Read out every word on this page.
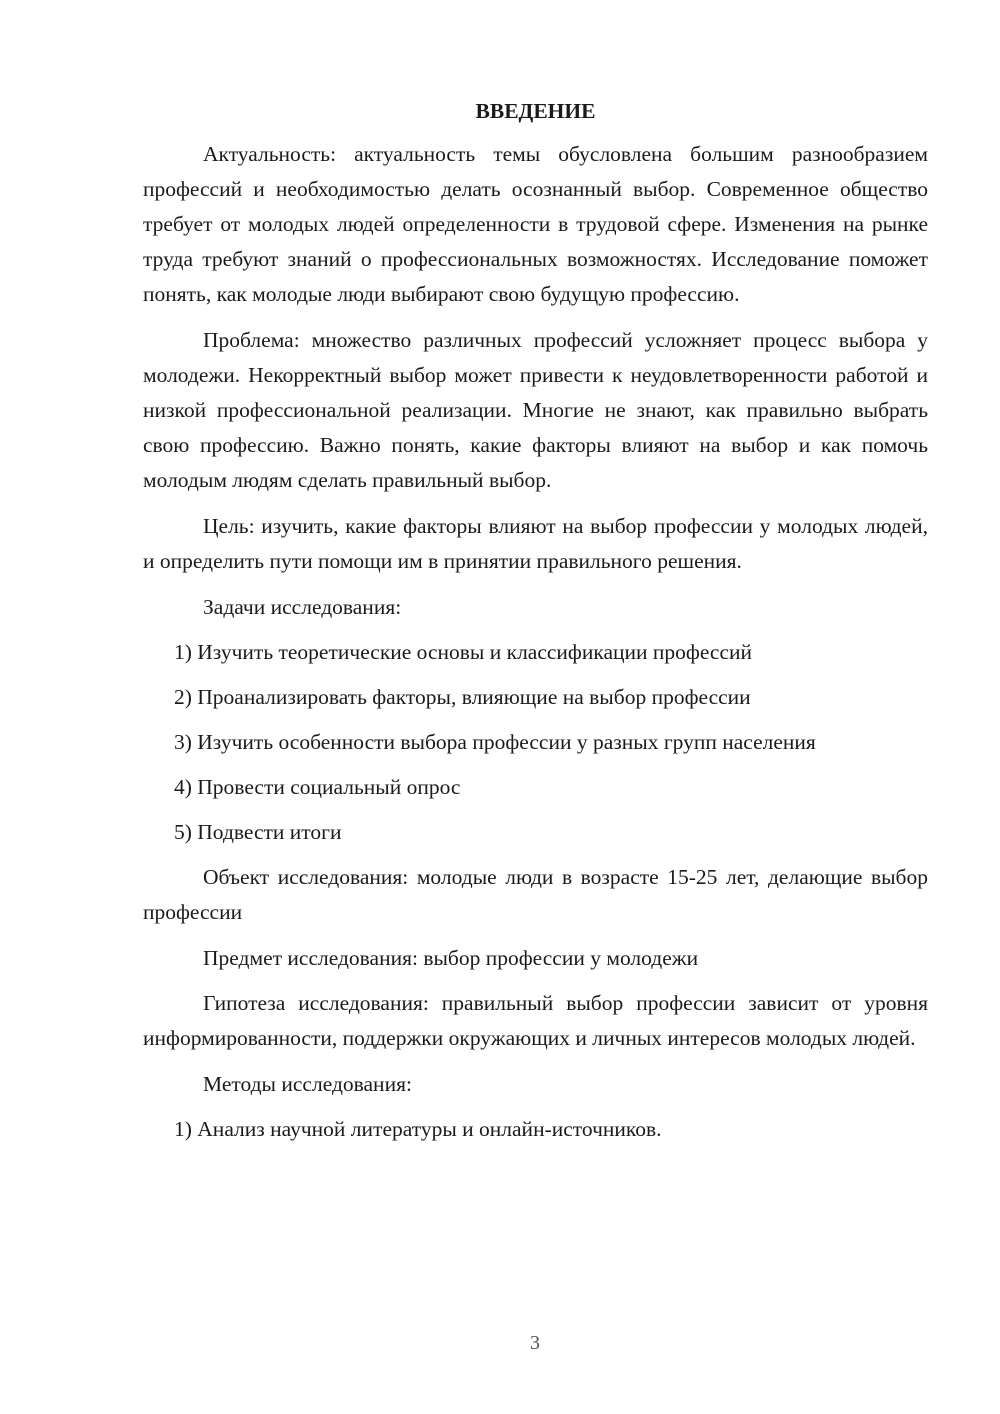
ВВЕДЕНИЕ

Актуальность: актуальность темы обусловлена большим разнообразием профессий и необходимостью делать осознанный выбор. Современное общество требует от молодых людей определенности в трудовой сфере. Изменения на рынке труда требуют знаний о профессиональных возможностях. Исследование поможет понять, как молодые люди выбирают свою будущую профессию.

Проблема: множество различных профессий усложняет процесс выбора у молодежи. Некорректный выбор может привести к неудовлетворенности работой и низкой профессиональной реализации. Многие не знают, как правильно выбрать свою профессию. Важно понять, какие факторы влияют на выбор и как помочь молодым людям сделать правильный выбор.

Цель: изучить, какие факторы влияют на выбор профессии у молодых людей, и определить пути помощи им в принятии правильного решения.

Задачи исследования:

1) Изучить теоретические основы и классификации профессий

2) Проанализировать факторы, влияющие на выбор профессии

3) Изучить особенности выбора профессии у разных групп населения

4) Провести социальный опрос

5) Подвести итоги

Объект исследования: молодые люди в возрасте 15-25 лет, делающие выбор профессии

Предмет исследования: выбор профессии у молодежи

Гипотеза исследования: правильный выбор профессии зависит от уровня информированности, поддержки окружающих и личных интересов молодых людей.

Методы исследования:

1) Анализ научной литературы и онлайн-источников.

3
